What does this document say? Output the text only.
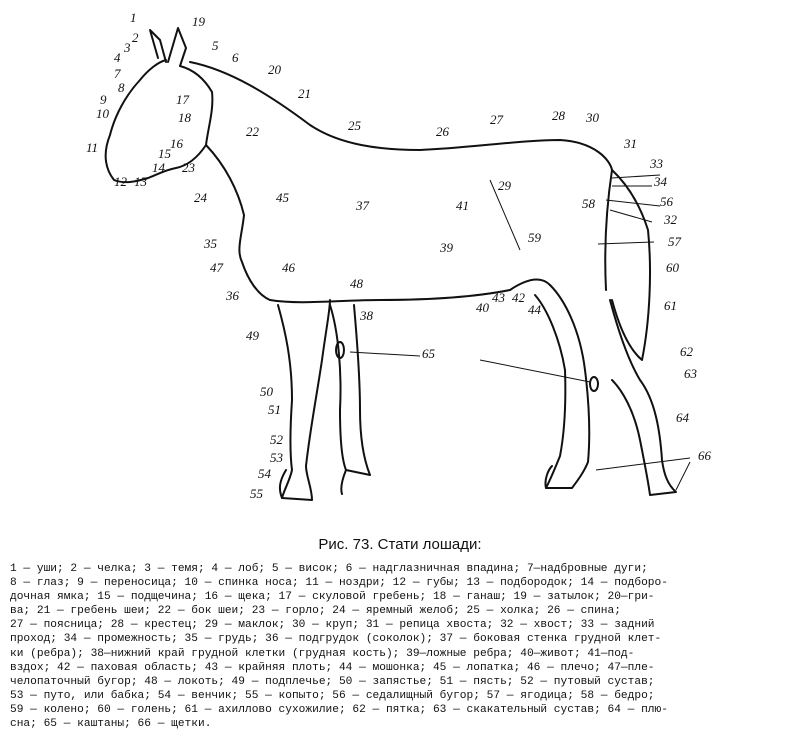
1
2
3
4
5
6
7
8
9
10
11
12 13
14
15
16
17
18
19
20
21
22
23
24
25	26
27	28
29
30
31
32
33
34
35
36
37
38
39
40
41
42
43
44
45
46
47
48
49
50
51
52
53
54
55
56
57
58
59
60
61
62
63
64
65
66
Рис. 73. Стати лошади:
1 — уши; 2 — челка; 3 — темя; 4 — лоб; 5 — висок; 6 — надглазничная впадина; 7—надбровные дуги;
8 — глаз; 9 — переносица; 10 — спинка носа; 11 — ноздри; 12 — губы; 13 — подбородок; 14 — подборо-
дочная ямка; 15 — подщечина; 16 — щека; 17 — скуловой гребень; 18 — ганаш; 19 — затылок; 20—гри-
ва; 21 — гребень шеи; 22 — бок шеи; 23 — горло; 24 — яремный желоб; 25 — холка; 26 — спина;
27 — поясница; 28 — крестец; 29 — маклок; 30 — круп; 31 — репица хвоста; 32 — хвост; 33 — задний
проход; 34 — промежность; 35 — грудь; 36 — подгрудок (соколок); 37 — боковая стенка грудной клет-
ки (ребра); 38—нижний край грудной клетки (грудная кость); 39—ложные ребра; 40—живот; 41—под-
вздох; 42 — паховая область; 43 — крайняя плоть; 44 — мошонка; 45 — лопатка; 46 — плечо; 47—пле-
челопаточный бугор; 48 — локоть; 49 — подплечье; 50 — запястье; 51 — пясть; 52 — путовый сустав;
53 — путо, или бабка; 54 — венчик; 55 — копыто; 56 — седалищный бугор; 57 — ягодица; 58 — бедро;
59 — колено; 60 — голень; 61 — ахиллово сухожилие; 62 — пятка; 63 — скакательный сустав; 64 — плю-
сна; 65 — каштаны; 66 — щетки.
